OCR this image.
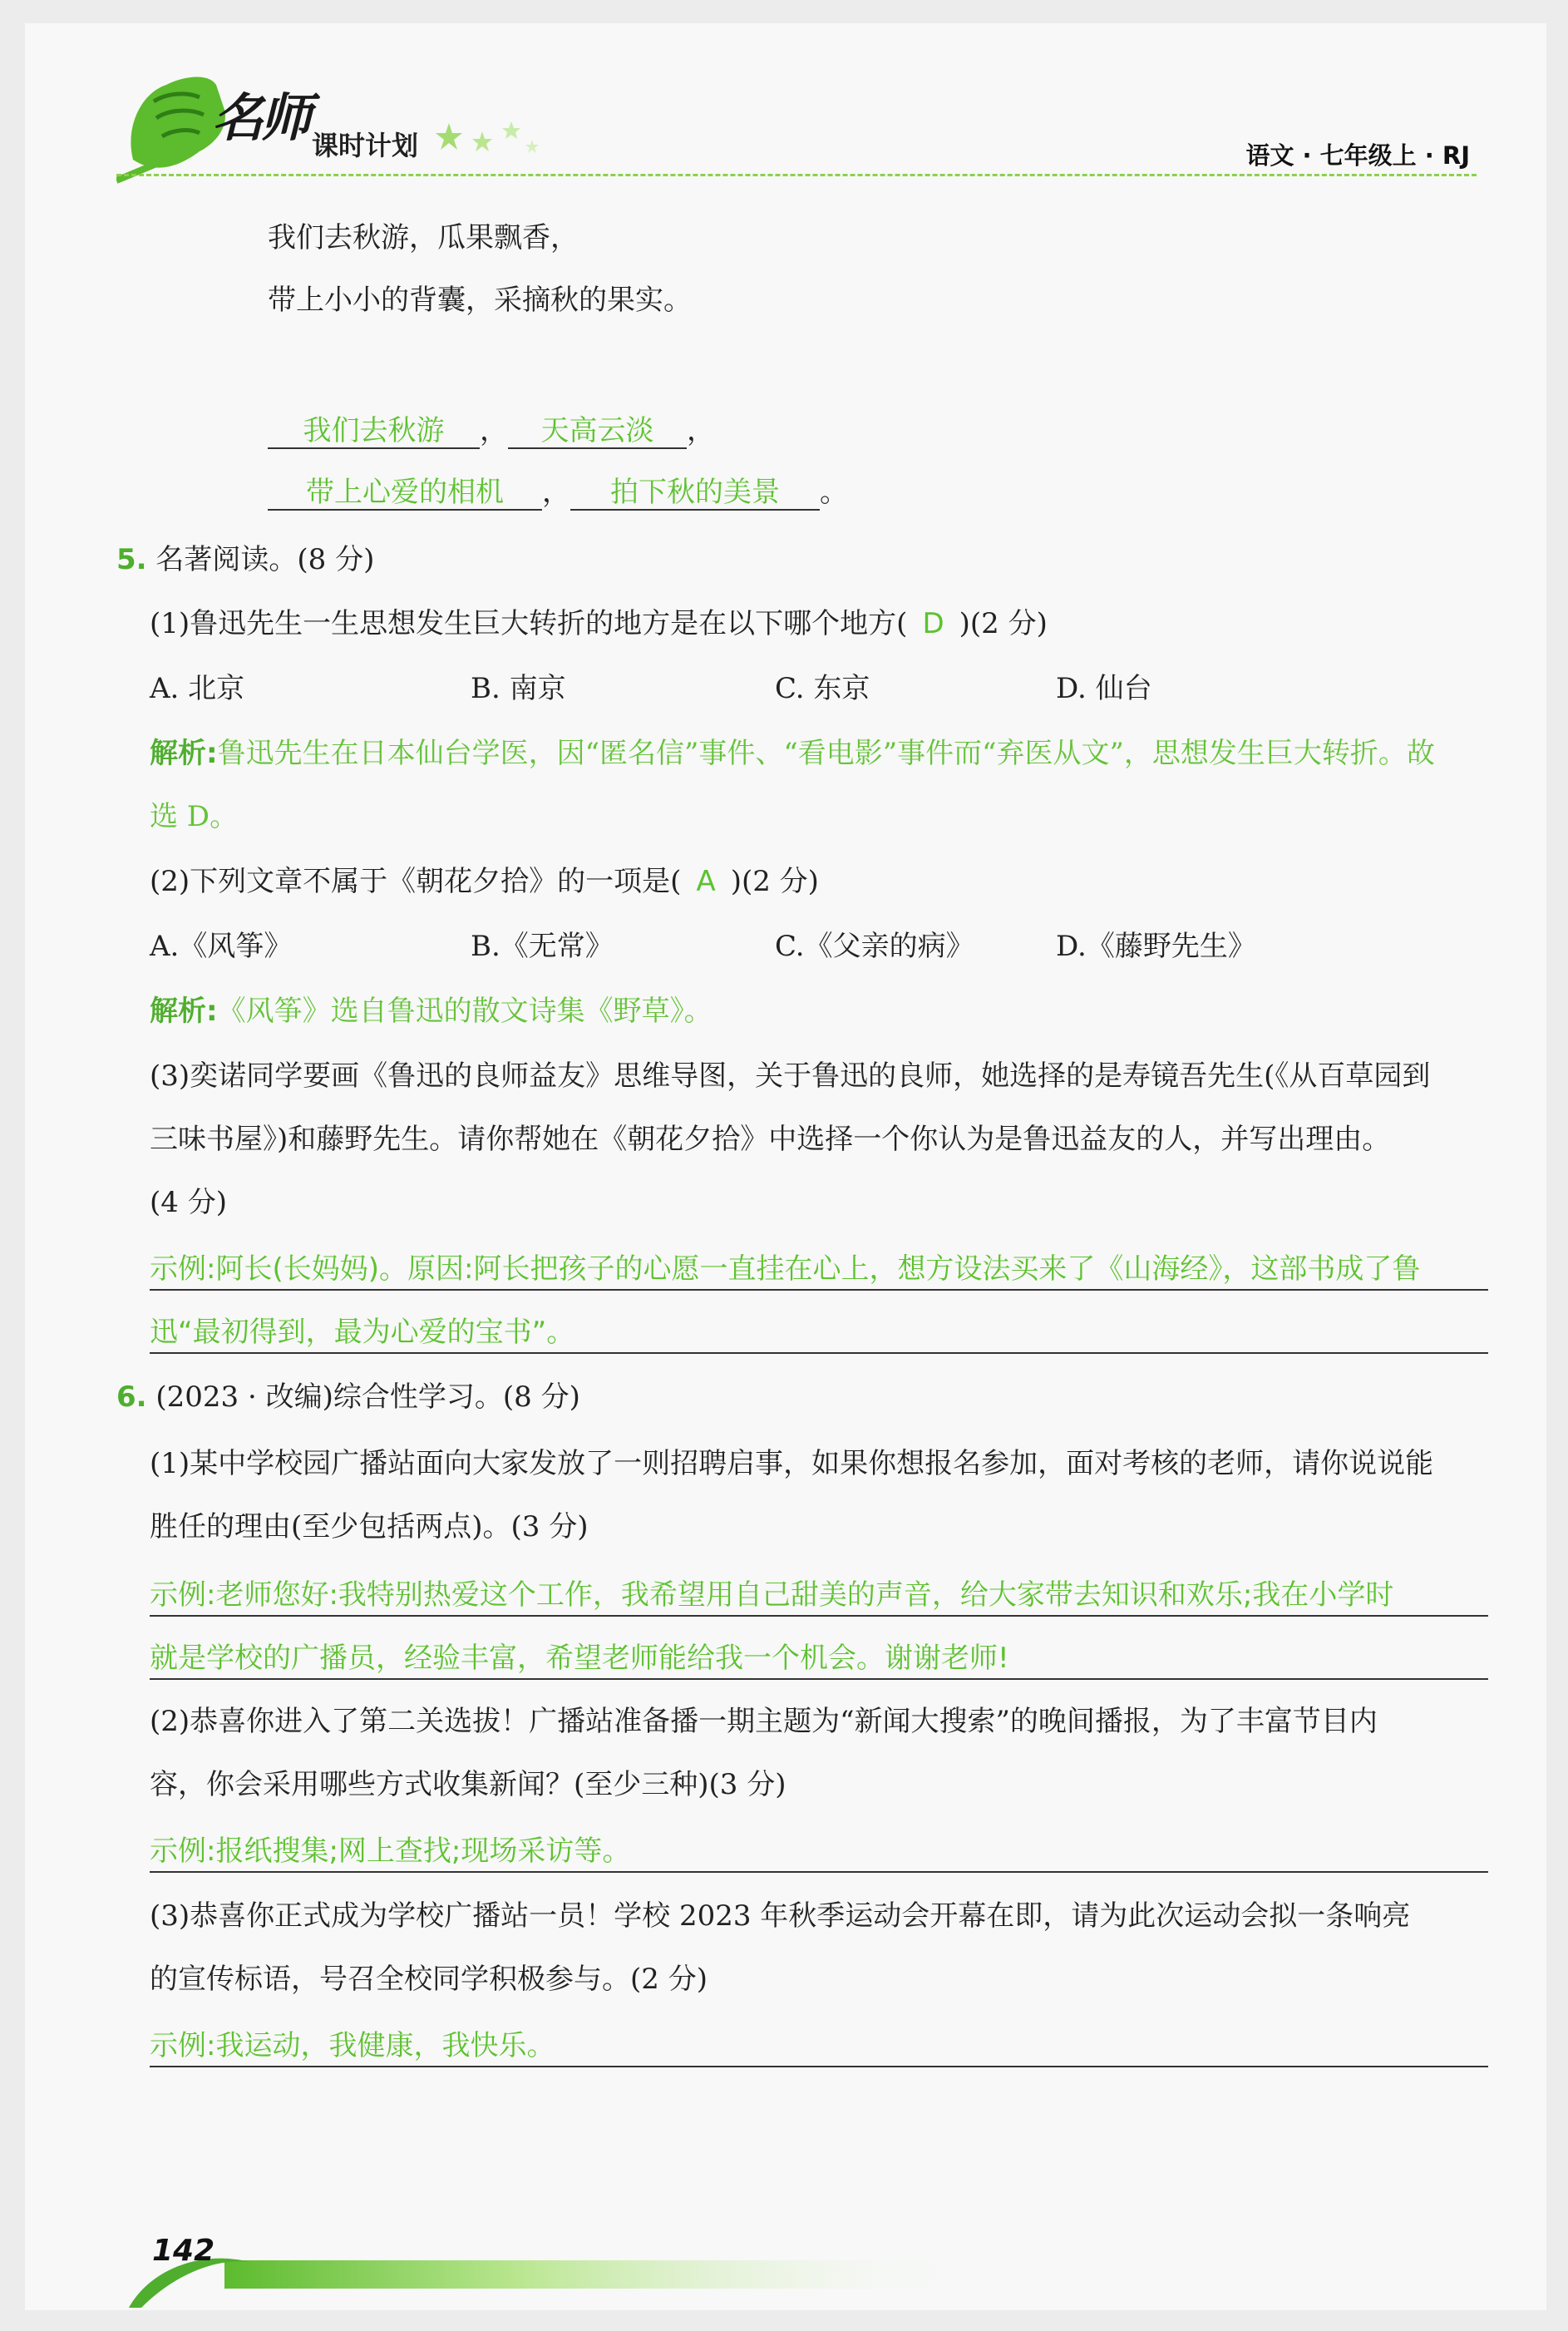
名师 课时计划	语文 · 七年级上 · RJ
我们去秋游，瓜果飘香，
带上小小的背囊，采摘秋的果实。
我们去秋游 ， 天高云淡 ，
带上心爱的相机 ， 拍下秋的美景 。
5. 名著阅读。(8 分)
(1)鲁迅先生一生思想发生巨大转折的地方是在以下哪个地方( D )(2 分)
A. 北京	B. 南京	C. 东京	D. 仙台
解析:鲁迅先生在日本仙台学医，因“匿名信”事件、“看电影”事件而“弃医从文”，思想发生巨大转折。故
选 D。
(2)下列文章不属于《朝花夕拾》的一项是( A )(2 分)
A.《风筝》	B.《无常》	C.《父亲的病》	D.《藤野先生》
解析:《风筝》选自鲁迅的散文诗集《野草》。
(3)奕诺同学要画《鲁迅的良师益友》思维导图，关于鲁迅的良师，她选择的是寿镜吾先生(《从百草园到
三味书屋》)和藤野先生。请你帮她在《朝花夕拾》中选择一个你认为是鲁迅益友的人，并写出理由。
(4 分)
示例:阿长(长妈妈)。原因:阿长把孩子的心愿一直挂在心上，想方设法买来了《山海经》，这部书成了鲁
迅“最初得到，最为心爱的宝书”。
6. (2023 · 改编)综合性学习。(8 分)
(1)某中学校园广播站面向大家发放了一则招聘启事，如果你想报名参加，面对考核的老师，请你说说能
胜任的理由(至少包括两点)。(3 分)
示例:老师您好:我特别热爱这个工作，我希望用自己甜美的声音，给大家带去知识和欢乐;我在小学时
就是学校的广播员，经验丰富，希望老师能给我一个机会。谢谢老师!
(2)恭喜你进入了第二关选拔！广播站准备播一期主题为“新闻大搜索”的晚间播报，为了丰富节目内
容，你会采用哪些方式收集新闻？(至少三种)(3 分)
示例:报纸搜集;网上查找;现场采访等。
(3)恭喜你正式成为学校广播站一员！学校 2023 年秋季运动会开幕在即，请为此次运动会拟一条响亮
的宣传标语，号召全校同学积极参与。(2 分)
示例:我运动，我健康，我快乐。
142
